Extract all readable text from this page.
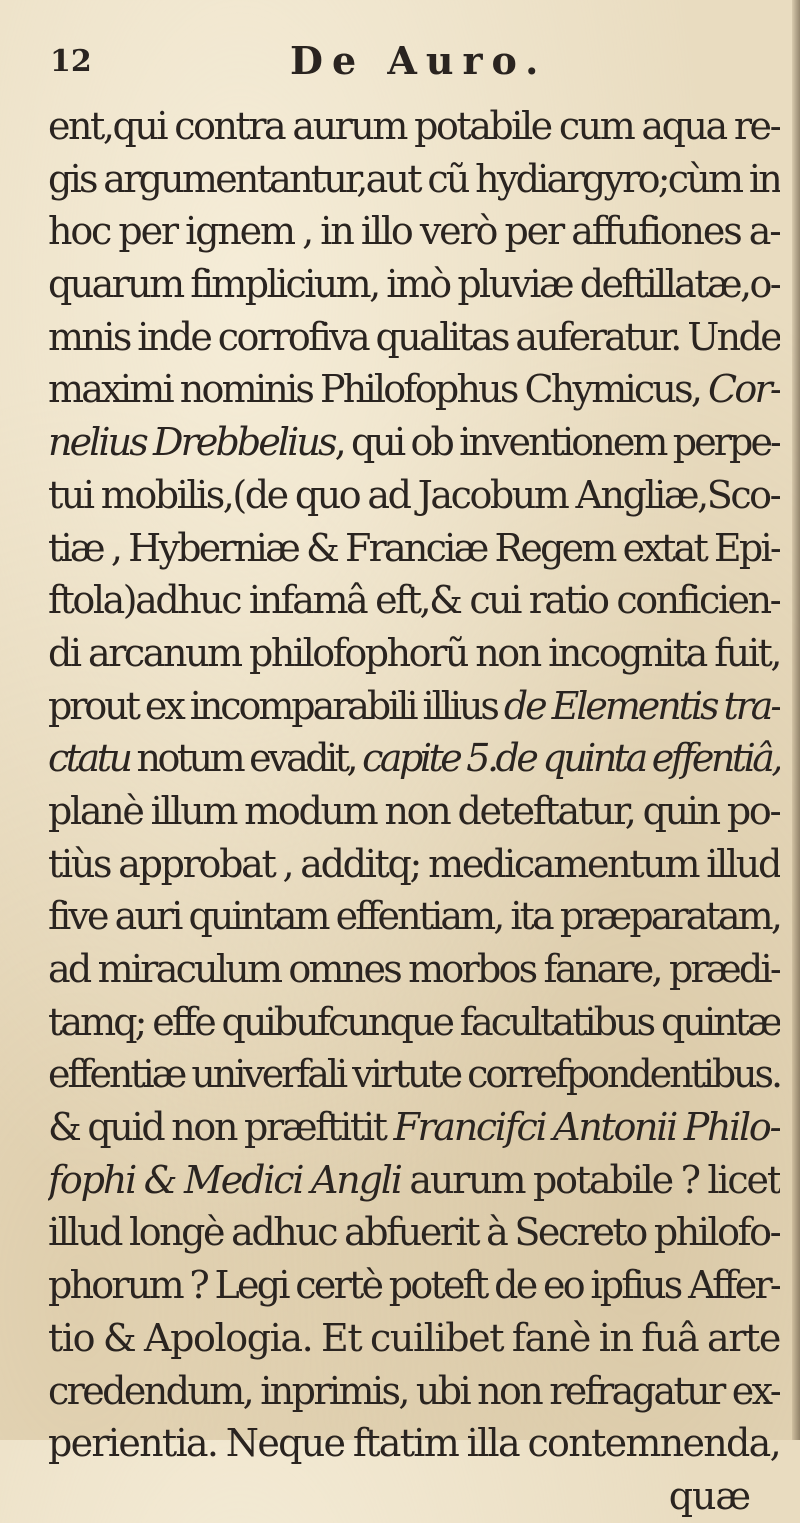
12	De Auro.
ent,qui contra aurum potabile cum aqua re-
gis argumentantur,aut cũ hydiargyro;cùm in
hoc per ignem , in illo verò per affufiones a-
quarum fimplicium, imò pluviæ deftillatæ,o-
mnis inde corrofiva qualitas auferatur. Unde
maximi nominis Philofophus Chymicus, Cor-
nelius Drebbelius, qui ob inventionem perpe-
tui mobilis,(de quo ad Jacobum Angliæ,Sco-
tiæ , Hyberniæ & Franciæ Regem extat Epi-
ftola)adhuc infamâ eft,& cui ratio conficien-
di arcanum philofophorũ non incognita fuit,
prout ex incomparabili illius de Elementis tra-
ctatu notum evadit, capite 5.de quinta effentiâ,
planè illum modum non deteftatur, quin po-
tiùs approbat , additq; medicamentum illud
five auri quintam effentiam, ita præparatam,
ad miraculum omnes morbos fanare, prædi-
tamq; effe quibufcunque facultatibus quintæ
effentiæ univerfali virtute correfpondentibus.
& quid non præftitit Francifci Antonii Philo-
fophi & Medici Angli aurum potabile ? licet
illud longè adhuc abfuerit à Secreto philofo-
phorum ? Legi certè poteft de eo ipfius Affer-
tio & Apologia. Et cuilibet fanè in fuâ arte
credendum, inprimis, ubi non refragatur ex-
perientia. Neque ftatim illa contemnenda,
quæ
